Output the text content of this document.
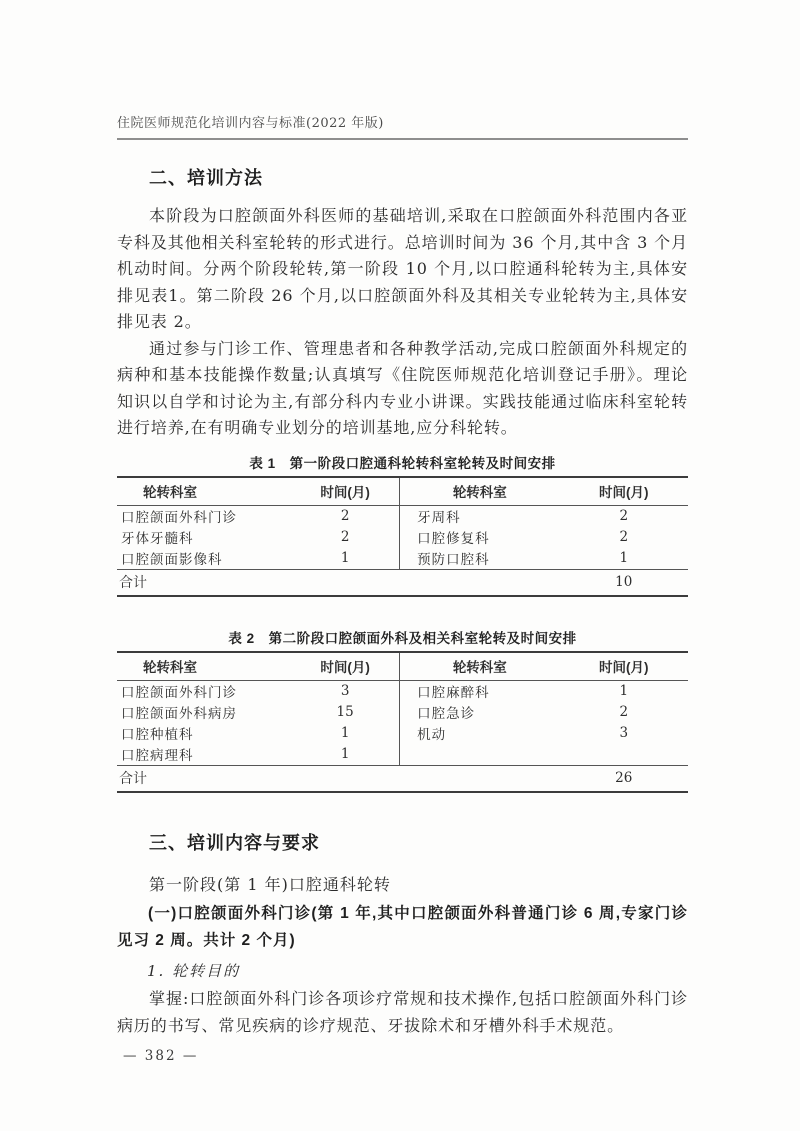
住院医师规范化培训内容与标准(2022 年版)
二、培训方法

本阶段为口腔颌面外科医师的基础培训,采取在口腔颌面外科范围内各亚专科及其他相关科室轮转的形式进行。总培训时间为 36 个月,其中含 3 个月机动时间。分两个阶段轮转,第一阶段 10 个月,以口腔通科轮转为主,具体安排见表1。第二阶段 26 个月,以口腔颌面外科及其相关专业轮转为主,具体安排见表 2。

通过参与门诊工作、管理患者和各种教学活动,完成口腔颌面外科规定的病种和基本技能操作数量;认真填写《住院医师规范化培训登记手册》。理论知识以自学和讨论为主,有部分科内专业小讲课。实践技能通过临床科室轮转进行培养,在有明确专业划分的培训基地,应分科轮转。

表 1 第一阶段口腔通科轮转科室轮转及时间安排
轮转科室	时间(月)	轮转科室	时间(月)
口腔颌面外科门诊	2	牙周科	2
牙体牙髓科	2	口腔修复科	2
口腔颌面影像科	1	预防口腔科	1
合计			10
表 2 第二阶段口腔颌面外科及相关科室轮转及时间安排
轮转科室	时间(月)	轮转科室	时间(月)
口腔颌面外科门诊	3	口腔麻醉科	1
口腔颌面外科病房	15	口腔急诊	2
口腔种植科	1	机动	3
口腔病理科	1		
合计			26
三、培训内容与要求

第一阶段(第 1 年)口腔通科轮转

(一)口腔颌面外科门诊(第 1 年,其中口腔颌面外科普通门诊 6 周,专家门诊见习 2 周。共计 2 个月)

1. 轮转目的

掌握:口腔颌面外科门诊各项诊疗常规和技术操作,包括口腔颌面外科门诊病历的书写、常见疾病的诊疗规范、牙拔除术和牙槽外科手术规范。

— 382 —
